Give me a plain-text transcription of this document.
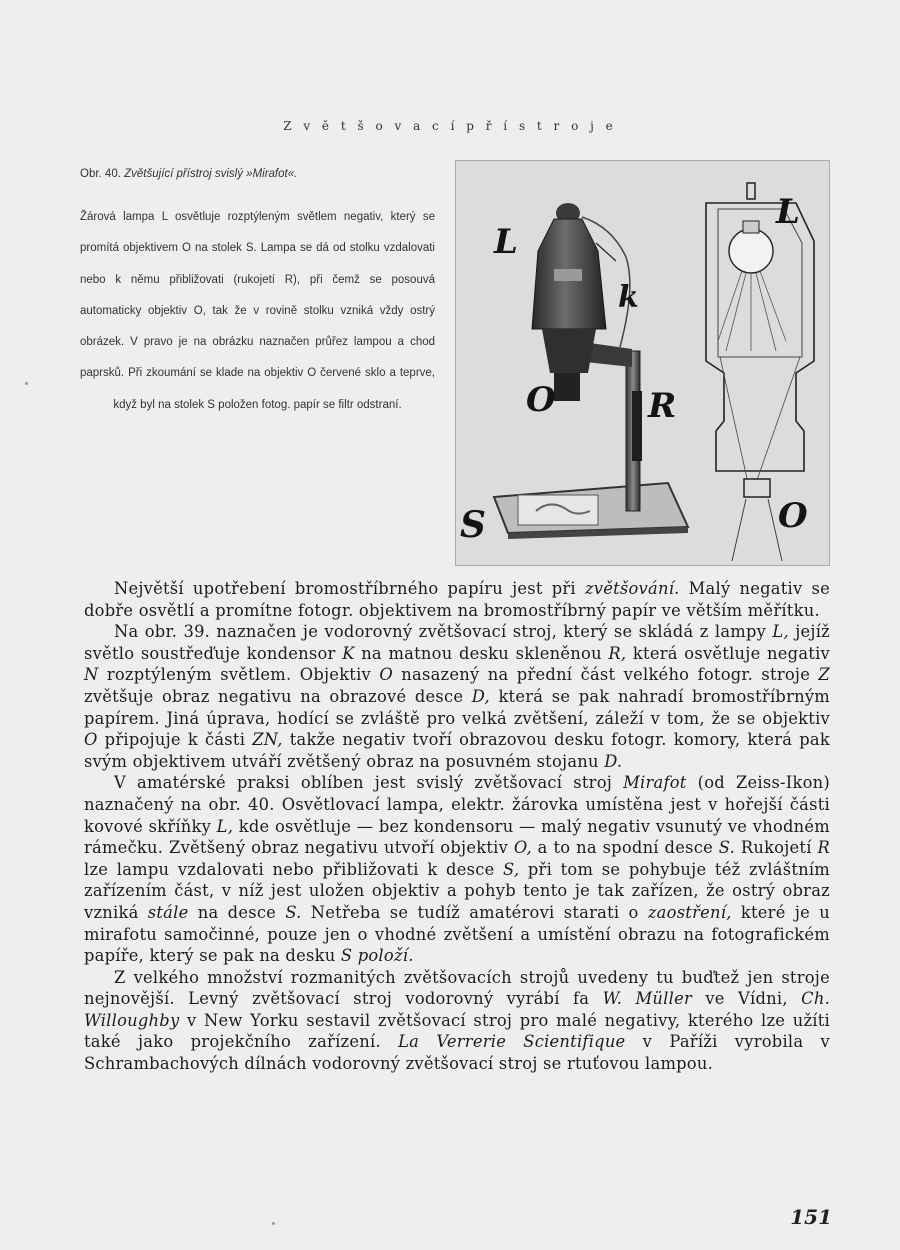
Z v ě t š o v a c í p ř í s t r o j e

Obr. 40. Zvětšující přístroj svislý »Mirafot«.

Žárová lampa L osvětluje rozptýleným světlem negativ, který se promítá objektivem O na stolek S. Lampa se dá od stolku vzdalovati nebo k němu přibližovati (rukojetí R), při čemž se posouvá automaticky objektiv O, tak že v rovině stolku vzniká vždy ostrý obrázek. V pravo je na obrázku naznačen průřez lampou a chod paprsků. Při zkoumání se klade na objektiv O červené sklo a teprve, když byl na stolek S položen fotog. papír se filtr odstraní.

L
k
O	R
S
L
O

Největší upotřebení bromostříbrného papíru jest při zvětšování. Malý negativ se dobře osvětlí a promítne fotogr. objektivem na bromostříbrný papír ve větším měřítku.

Na obr. 39. naznačen je vodorovný zvětšovací stroj, který se skládá z lampy L, jejíž světlo soustřeďuje kondensor K na matnou desku skleněnou R, která osvětluje negativ N rozptýleným světlem. Objektiv O nasazený na přední část velkého fotogr. stroje Z zvětšuje obraz negativu na obrazové desce D, která se pak nahradí bromostříbrným papírem. Jiná úprava, hodící se zvláště pro velká zvětšení, záleží v tom, že se objektiv O připojuje k části ZN, takže negativ tvoří obrazovou desku fotogr. komory, která pak svým objektivem utváří zvětšený obraz na posuvném stojanu D.

V amatérské praksi oblíben jest svislý zvětšovací stroj Mirafot (od Zeiss-Ikon) naznačený na obr. 40. Osvětlovací lampa, elektr. žárovka umístěna jest v hořejší části kovové skříňky L, kde osvětluje — bez kondensoru — malý negativ vsunutý ve vhodném rámečku. Zvětšený obraz negativu utvoří objektiv O, a to na spodní desce S. Rukojetí R lze lampu vzdalovati nebo přibližovati k desce S, při tom se pohybuje též zvláštním zařízením část, v níž jest uložen objektiv a pohyb tento je tak zařízen, že ostrý obraz vzniká stále na desce S. Netřeba se tudíž amatérovi starati o zaostření, které je u mirafotu samočinné, pouze jen o vhodné zvětšení a umístění obrazu na fotografickém papíře, který se pak na desku S položí.

Z velkého množství rozmanitých zvětšovacích strojů uvedeny tu buďtež jen stroje nejnovější. Levný zvětšovací stroj vodorovný vyrábí fa W. Müller ve Vídni, Ch. Willoughby v New Yorku sestavil zvětšovací stroj pro malé negativy, kterého lze užíti také jako projekčního zařízení. La Verrerie Scientifique v Paříži vyrobila v Schrambachových dílnách vodorovný zvětšovací stroj se rtuťovou lampou.

151
